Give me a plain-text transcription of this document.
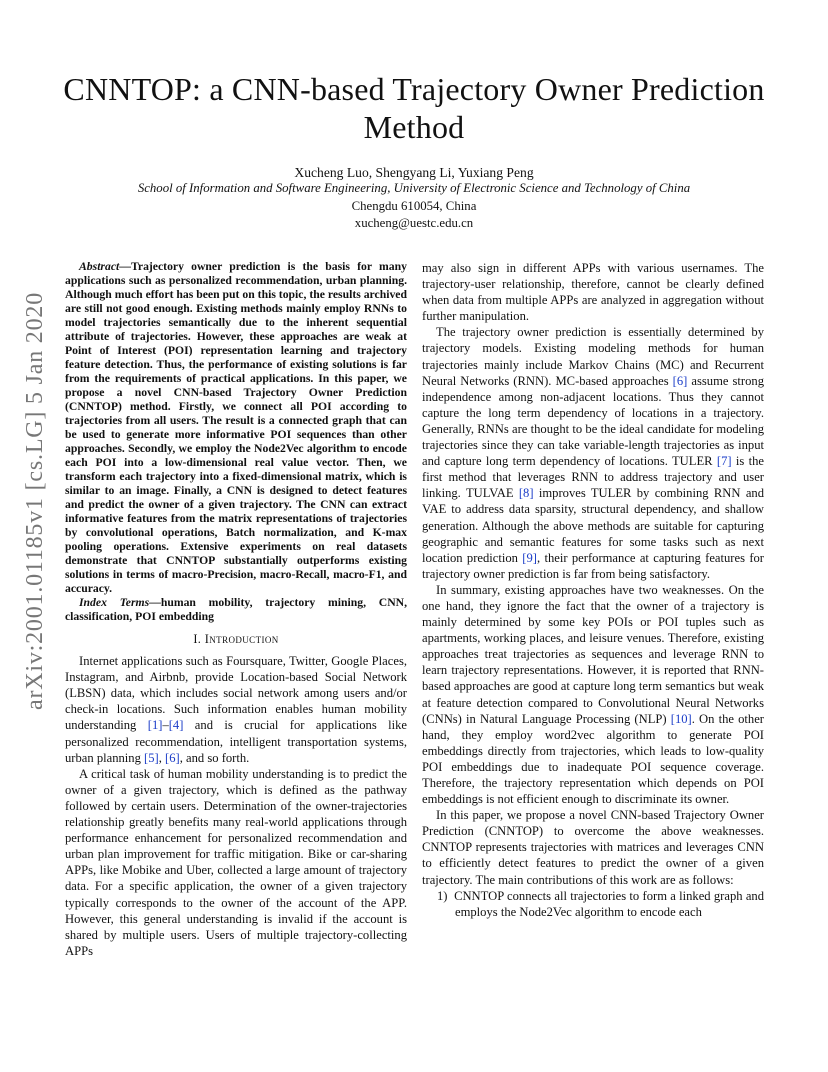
CNNTOP: a CNN-based Trajectory Owner Prediction Method
Xucheng Luo, Shengyang Li, Yuxiang Peng
School of Information and Software Engineering, University of Electronic Science and Technology of China
Chengdu 610054, China
xucheng@uestc.edu.cn
arXiv:2001.01185v1 [cs.LG] 5 Jan 2020

Abstract—Trajectory owner prediction is the basis for many applications such as personalized recommendation, urban planning. Although much effort has been put on this topic, the results archived are still not good enough. Existing methods mainly employ RNNs to model trajectories semantically due to the inherent sequential attribute of trajectories. However, these approaches are weak at Point of Interest (POI) representation learning and trajectory feature detection. Thus, the performance of existing solutions is far from the requirements of practical applications. In this paper, we propose a novel CNN-based Trajectory Owner Prediction (CNNTOP) method. Firstly, we connect all POI according to trajectories from all users. The result is a connected graph that can be used to generate more informative POI sequences than other approaches. Secondly, we employ the Node2Vec algorithm to encode each POI into a low-dimensional real value vector. Then, we transform each trajectory into a fixed-dimensional matrix, which is similar to an image. Finally, a CNN is designed to detect features and predict the owner of a given trajectory. The CNN can extract informative features from the matrix representations of trajectories by convolutional operations, Batch normalization, and K-max pooling operations. Extensive experiments on real datasets demonstrate that CNNTOP substantially outperforms existing solutions in terms of macro-Precision, macro-Recall, macro-F1, and accuracy.

Index Terms—human mobility, trajectory mining, CNN, classification, POI embedding

I. Introduction

Internet applications such as Foursquare, Twitter, Google Places, Instagram, and Airbnb, provide Location-based Social Network (LBSN) data, which includes social network among users and/or check-in locations. Such information enables human mobility understanding [1]–[4] and is crucial for applications like personalized recommendation, intelligent transportation systems, urban planning [5], [6], and so forth.

A critical task of human mobility understanding is to predict the owner of a given trajectory, which is defined as the pathway followed by certain users. Determination of the owner-trajectories relationship greatly benefits many real-world applications through performance enhancement for personalized recommendation and urban plan improvement for traffic mitigation. Bike or car-sharing APPs, like Mobike and Uber, collected a large amount of trajectory data. For a specific application, the owner of a given trajectory typically corresponds to the owner of the account of the APP. However, this general understanding is invalid if the account is shared by multiple users. Users of multiple trajectory-collecting APPs

may also sign in different APPs with various usernames. The trajectory-user relationship, therefore, cannot be clearly defined when data from multiple APPs are analyzed in aggregation without further manipulation.

The trajectory owner prediction is essentially determined by trajectory models. Existing modeling methods for human trajectories mainly include Markov Chains (MC) and Recurrent Neural Networks (RNN). MC-based approaches [6] assume strong independence among non-adjacent locations. Thus they cannot capture the long term dependency of locations in a trajectory. Generally, RNNs are thought to be the ideal candidate for modeling trajectories since they can take variable-length trajectories as input and capture long term dependency of locations. TULER [7] is the first method that leverages RNN to address trajectory and user linking. TULVAE [8] improves TULER by combining RNN and VAE to address data sparsity, structural dependency, and shallow generation. Although the above methods are suitable for capturing geographic and semantic features for some tasks such as next location prediction [9], their performance at capturing features for trajectory owner prediction is far from being satisfactory.

In summary, existing approaches have two weaknesses. On the one hand, they ignore the fact that the owner of a trajectory is mainly determined by some key POIs or POI tuples such as apartments, working places, and leisure venues. Therefore, existing approaches treat trajectories as sequences and leverage RNN to learn trajectory representations. However, it is reported that RNN-based approaches are good at capture long term semantics but weak at feature detection compared to Convolutional Neural Networks (CNNs) in Natural Language Processing (NLP) [10]. On the other hand, they employ word2vec algorithm to generate POI embeddings directly from trajectories, which leads to low-quality POI embeddings due to inadequate POI sequence coverage. Therefore, the trajectory representation which depends on POI embeddings is not efficient enough to discriminate its owner.

In this paper, we propose a novel CNN-based Trajectory Owner Prediction (CNNTOP) to overcome the above weaknesses. CNNTOP represents trajectories with matrices and leverages CNN to efficiently detect features to predict the owner of a given trajectory. The main contributions of this work are as follows:

1) CNNTOP connects all trajectories to form a linked graph and employs the Node2Vec algorithm to encode each
